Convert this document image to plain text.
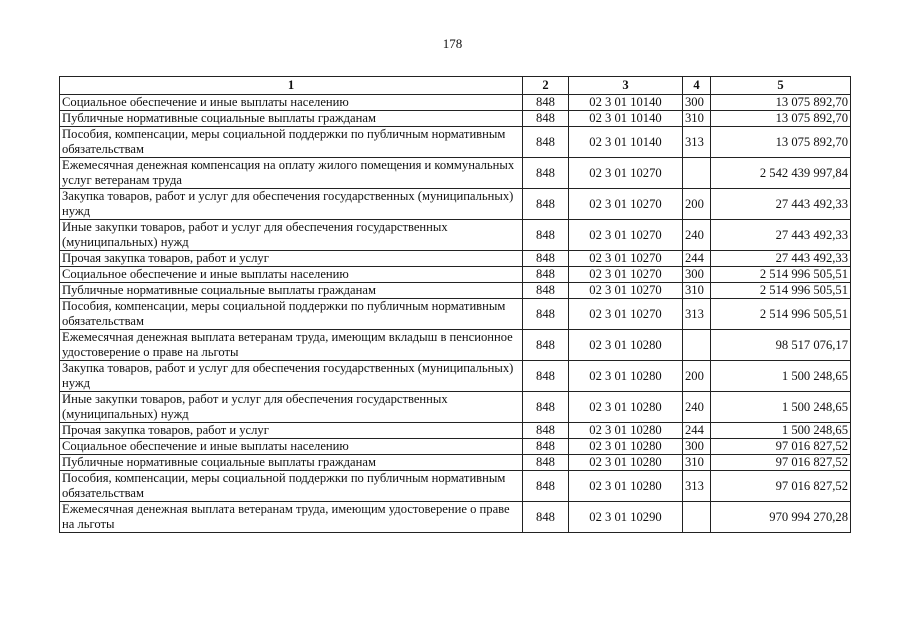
178
1	2	3	4	5
Социальное обеспечение и иные выплаты населению	848	02 3 01 10140	300	13 075 892,70
Публичные нормативные социальные выплаты гражданам	848	02 3 01 10140	310	13 075 892,70
Пособия, компенсации, меры социальной поддержки по публичным нормативным обязательствам	848	02 3 01 10140	313	13 075 892,70
Ежемесячная денежная компенсация на оплату жилого помещения и коммунальных услуг ветеранам труда	848	02 3 01 10270		2 542 439 997,84
Закупка товаров, работ и услуг для обеспечения государственных (муниципальных) нужд	848	02 3 01 10270	200	27 443 492,33
Иные закупки товаров, работ и услуг для обеспечения государственных (муниципальных) нужд	848	02 3 01 10270	240	27 443 492,33
Прочая закупка товаров, работ и услуг	848	02 3 01 10270	244	27 443 492,33
Социальное обеспечение и иные выплаты населению	848	02 3 01 10270	300	2 514 996 505,51
Публичные нормативные социальные выплаты гражданам	848	02 3 01 10270	310	2 514 996 505,51
Пособия, компенсации, меры социальной поддержки по публичным нормативным обязательствам	848	02 3 01 10270	313	2 514 996 505,51
Ежемесячная денежная выплата ветеранам труда, имеющим вкладыш в пенсионное удостоверение о праве на льготы	848	02 3 01 10280		98 517 076,17
Закупка товаров, работ и услуг для обеспечения государственных (муниципальных) нужд	848	02 3 01 10280	200	1 500 248,65
Иные закупки товаров, работ и услуг для обеспечения государственных (муниципальных) нужд	848	02 3 01 10280	240	1 500 248,65
Прочая закупка товаров, работ и услуг	848	02 3 01 10280	244	1 500 248,65
Социальное обеспечение и иные выплаты населению	848	02 3 01 10280	300	97 016 827,52
Публичные нормативные социальные выплаты гражданам	848	02 3 01 10280	310	97 016 827,52
Пособия, компенсации, меры социальной поддержки по публичным нормативным обязательствам	848	02 3 01 10280	313	97 016 827,52
Ежемесячная денежная выплата ветеранам труда, имеющим удостоверение о праве на льготы	848	02 3 01 10290		970 994 270,28
